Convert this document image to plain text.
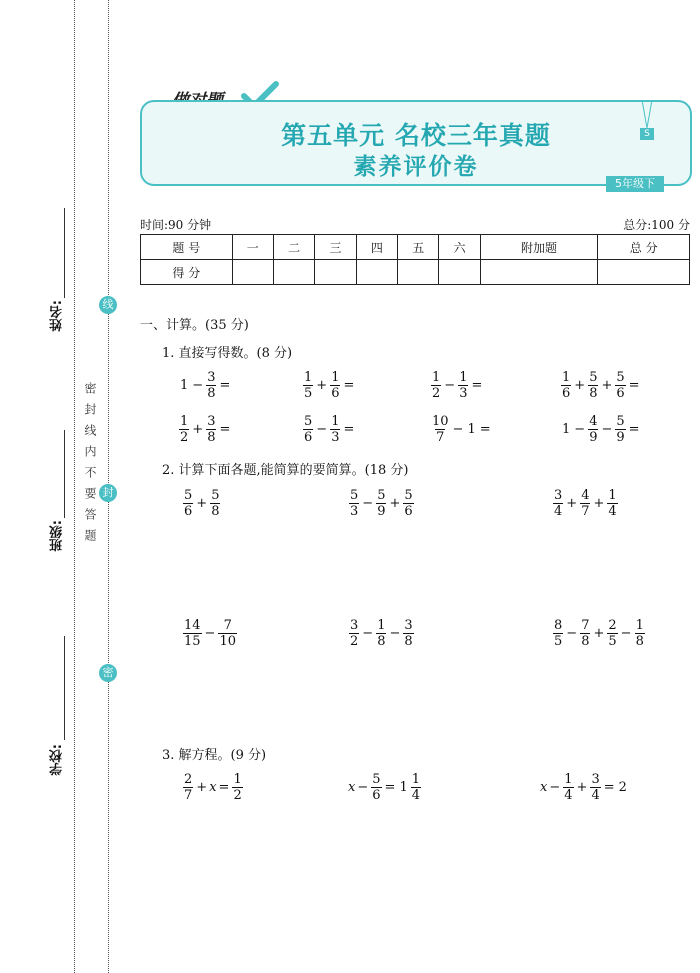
姓名:
班级:
学校:
密封线内不要答题
线
封
密
第五单元 名校三年真题
素养评价卷
S
5年级下
时间:90 分钟	总分:100 分
题 号	一	二	三	四	五	六	附加题	总 分
得 分								
一、计算。(35 分)
1. 直接写得数。(8 分)
$1 - \frac{3}{8}$ =	$\frac{1}{5} + \frac{1}{6}$ =	$\frac{1}{2} - \frac{1}{3}$ =	$\frac{1}{6} + \frac{5}{8} + \frac{5}{6}$ =
$\frac{1}{2} + \frac{3}{8}$ =	$\frac{5}{6} - \frac{1}{3}$ =	$\frac{10}{7} - 1$ =	$1 - \frac{4}{9} - \frac{5}{9}$ =
2. 计算下面各题,能简算的要简算。(18 分)
$\frac{5}{6} + \frac{5}{8}$	$\frac{5}{3} - \frac{5}{9} + \frac{5}{6}$	$\frac{3}{4} + \frac{4}{7} + \frac{1}{4}$
$\frac{14}{15} - \frac{7}{10}$	$\frac{3}{2} - \frac{1}{8} - \frac{3}{8}$	$\frac{8}{5} - \frac{7}{8} + \frac{2}{5} - \frac{1}{8}$
3. 解方程。(9 分)
$\frac{2}{7} + x = \frac{1}{2}$	$x - \frac{5}{6} = 1 \frac{1}{4}$	$x - \frac{1}{4} + \frac{3}{4} = 2$
